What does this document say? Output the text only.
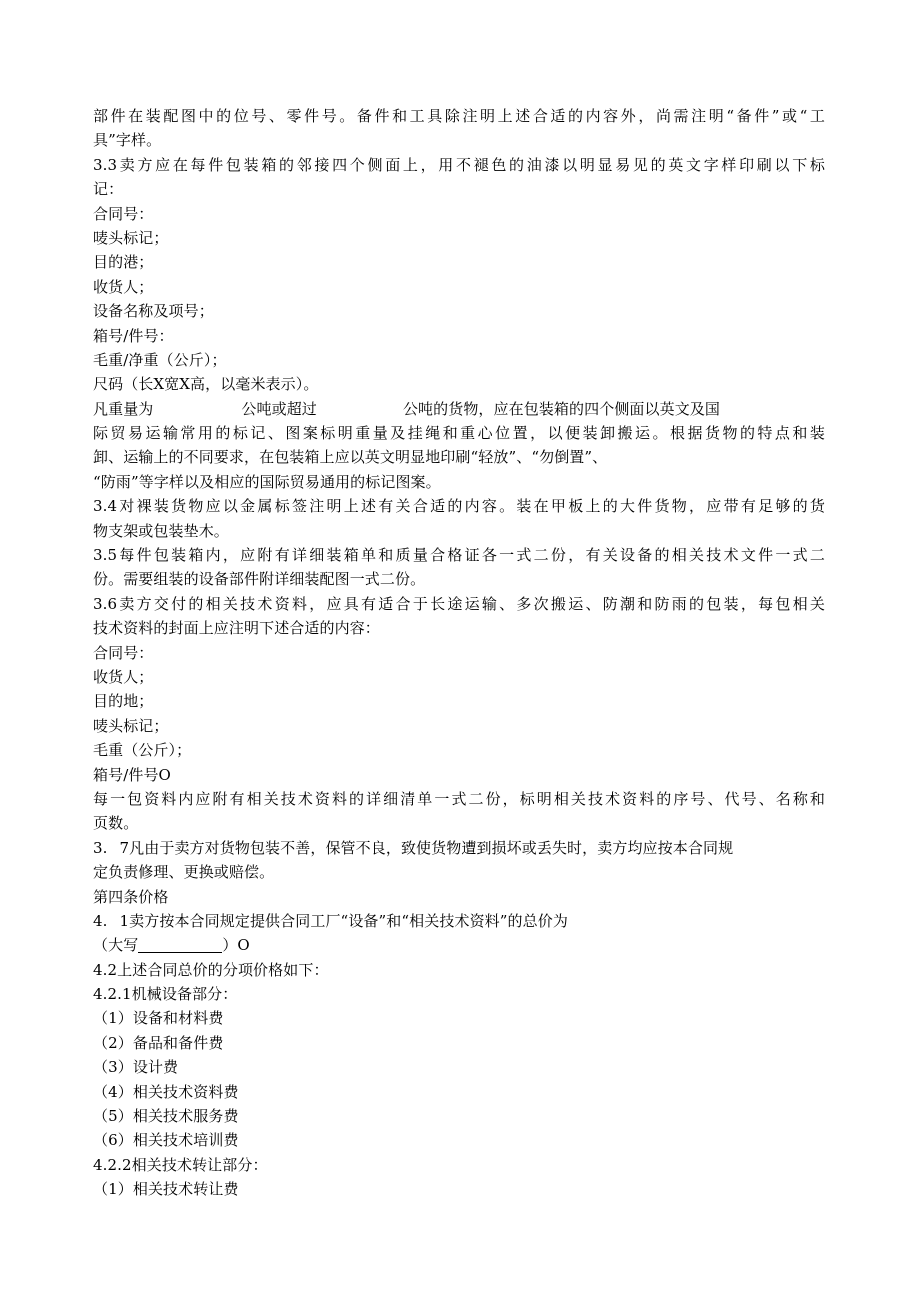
部件在装配图中的位号、零件号。备件和工具除注明上述合适的内容外，尚需注明“备件”或“工
具”字样。
3.3卖方应在每件包装箱的邻接四个侧面上，用不褪色的油漆以明显易见的英文字样印刷以下标
记：
合同号：
唛头标记；
目的港；
收货人；
设备名称及项号；
箱号/件号：
毛重/净重（公斤）；
尺码（长X宽X高，以毫米表示）。
凡重量为	公吨或超过	公吨的货物，应在包装箱的四个侧面以英文及国
际贸易运输常用的标记、图案标明重量及挂绳和重心位置，以便装卸搬运。根据货物的特点和装
卸、运输上的不同要求，在包装箱上应以英文明显地印刷“轻放”、“勿倒置”、
“防雨”等字样以及相应的国际贸易通用的标记图案。
3.4对裸装货物应以金属标签注明上述有关合适的内容。装在甲板上的大件货物，应带有足够的货
物支架或包装垫木。
3.5每件包装箱内，应附有详细装箱单和质量合格证各一式二份，有关设备的相关技术文件一式二
份。需要组装的设备部件附详细装配图一式二份。
3.6卖方交付的相关技术资料，应具有适合于长途运输、多次搬运、防潮和防雨的包装，每包相关
技术资料的封面上应注明下述合适的内容：
合同号：
收货人；
目的地；
唛头标记；
毛重（公斤）；
箱号/件号O
每一包资料内应附有相关技术资料的详细清单一式二份，标明相关技术资料的序号、代号、名称和
页数。
3. 7凡由于卖方对货物包装不善，保管不良，致使货物遭到损坏或丢失时，卖方均应按本合同规
定负责修理、更换或赔偿。
第四条价格
4. 1卖方按本合同规定提供合同工厂“设备”和“相关技术资料”的总价为
（大写	）O
4.2上述合同总价的分项价格如下：
4.2.1机械设备部分：
（1）设备和材料费
（2）备品和备件费
（3）设计费
（4）相关技术资料费
（5）相关技术服务费
（6）相关技术培训费
4.2.2相关技术转让部分：
（1）相关技术转让费
